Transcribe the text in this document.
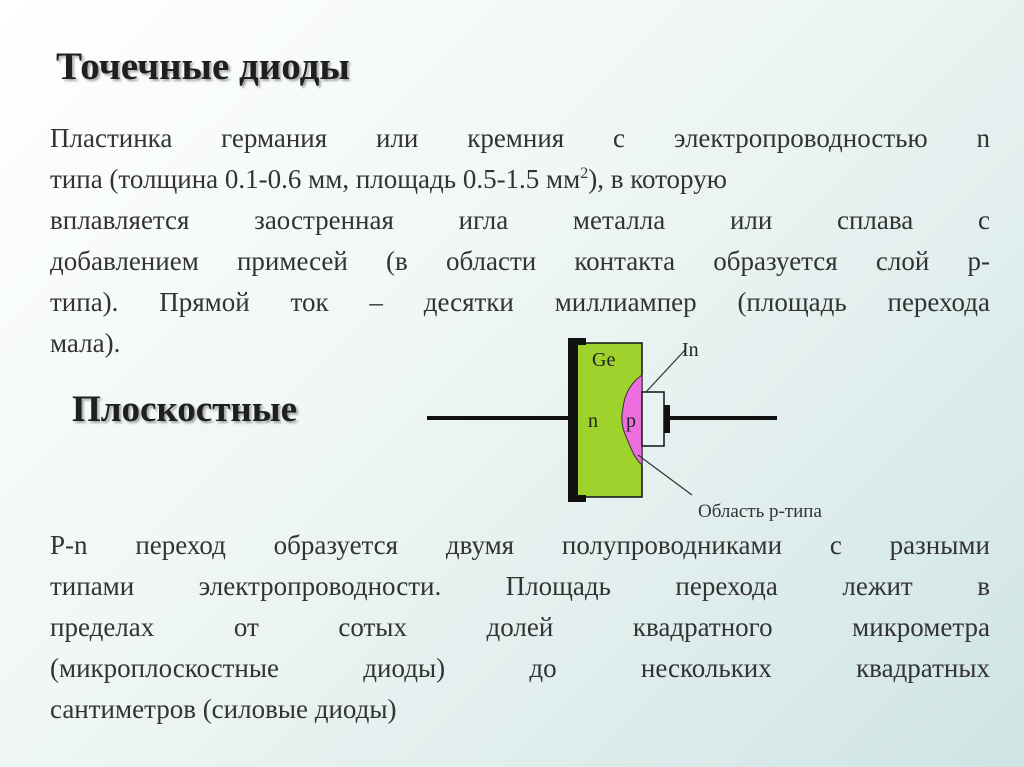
Точечные диоды
Пластинка германия или кремния с электропроводностью n
типа (толщина 0.1-0.6 мм, площадь 0.5-1.5 $мм^2$), в которую
вплавляется заостренная игла металла или сплава с
добавлением примесей (в области контакта образуется слой р-
типа). Прямой ток – десятки миллиампер (площадь перехода
мала).
Плоскостные
Ge	In
n p
Область р-типа
P-n переход образуется двумя полупроводниками с разными
типами электропроводности. Площадь перехода лежит в
пределах	от	сотых	долей	квадратного	микрометра
(микроплоскостные	диоды)	до	нескольких	квадратных
сантиметров (силовые диоды)
